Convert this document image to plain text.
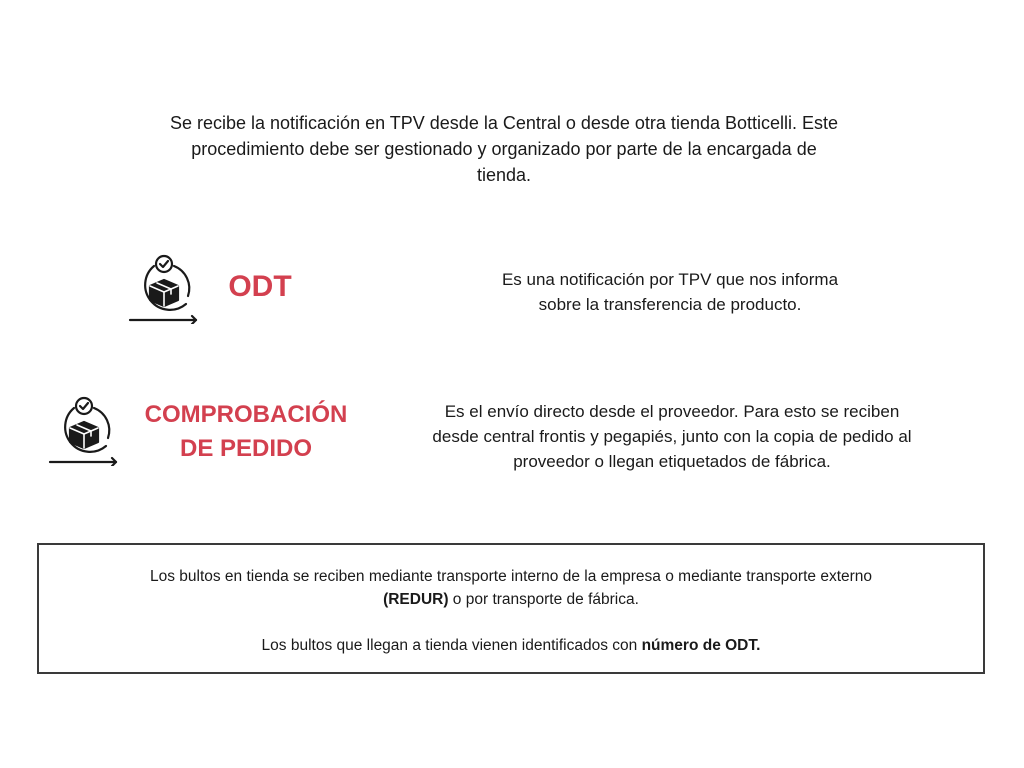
Se recibe la notificación en TPV desde la Central o desde otra tienda Botticelli. Este
procedimiento debe ser gestionado y organizado por parte de la encargada de
tienda.
ODT	Es una notificación por TPV que nos informa
sobre la transferencia de producto.
COMPROBACIÓN
DE PEDIDO
Es el envío directo desde el proveedor. Para esto se reciben
desde central frontis y pegapiés, junto con la copia de pedido al
proveedor o llegan etiquetados de fábrica.

Los bultos en tienda se reciben mediante transporte interno de la empresa o mediante transporte externo
(REDUR) o por transporte de fábrica.

Los bultos que llegan a tienda vienen identificados con número de ODT.
